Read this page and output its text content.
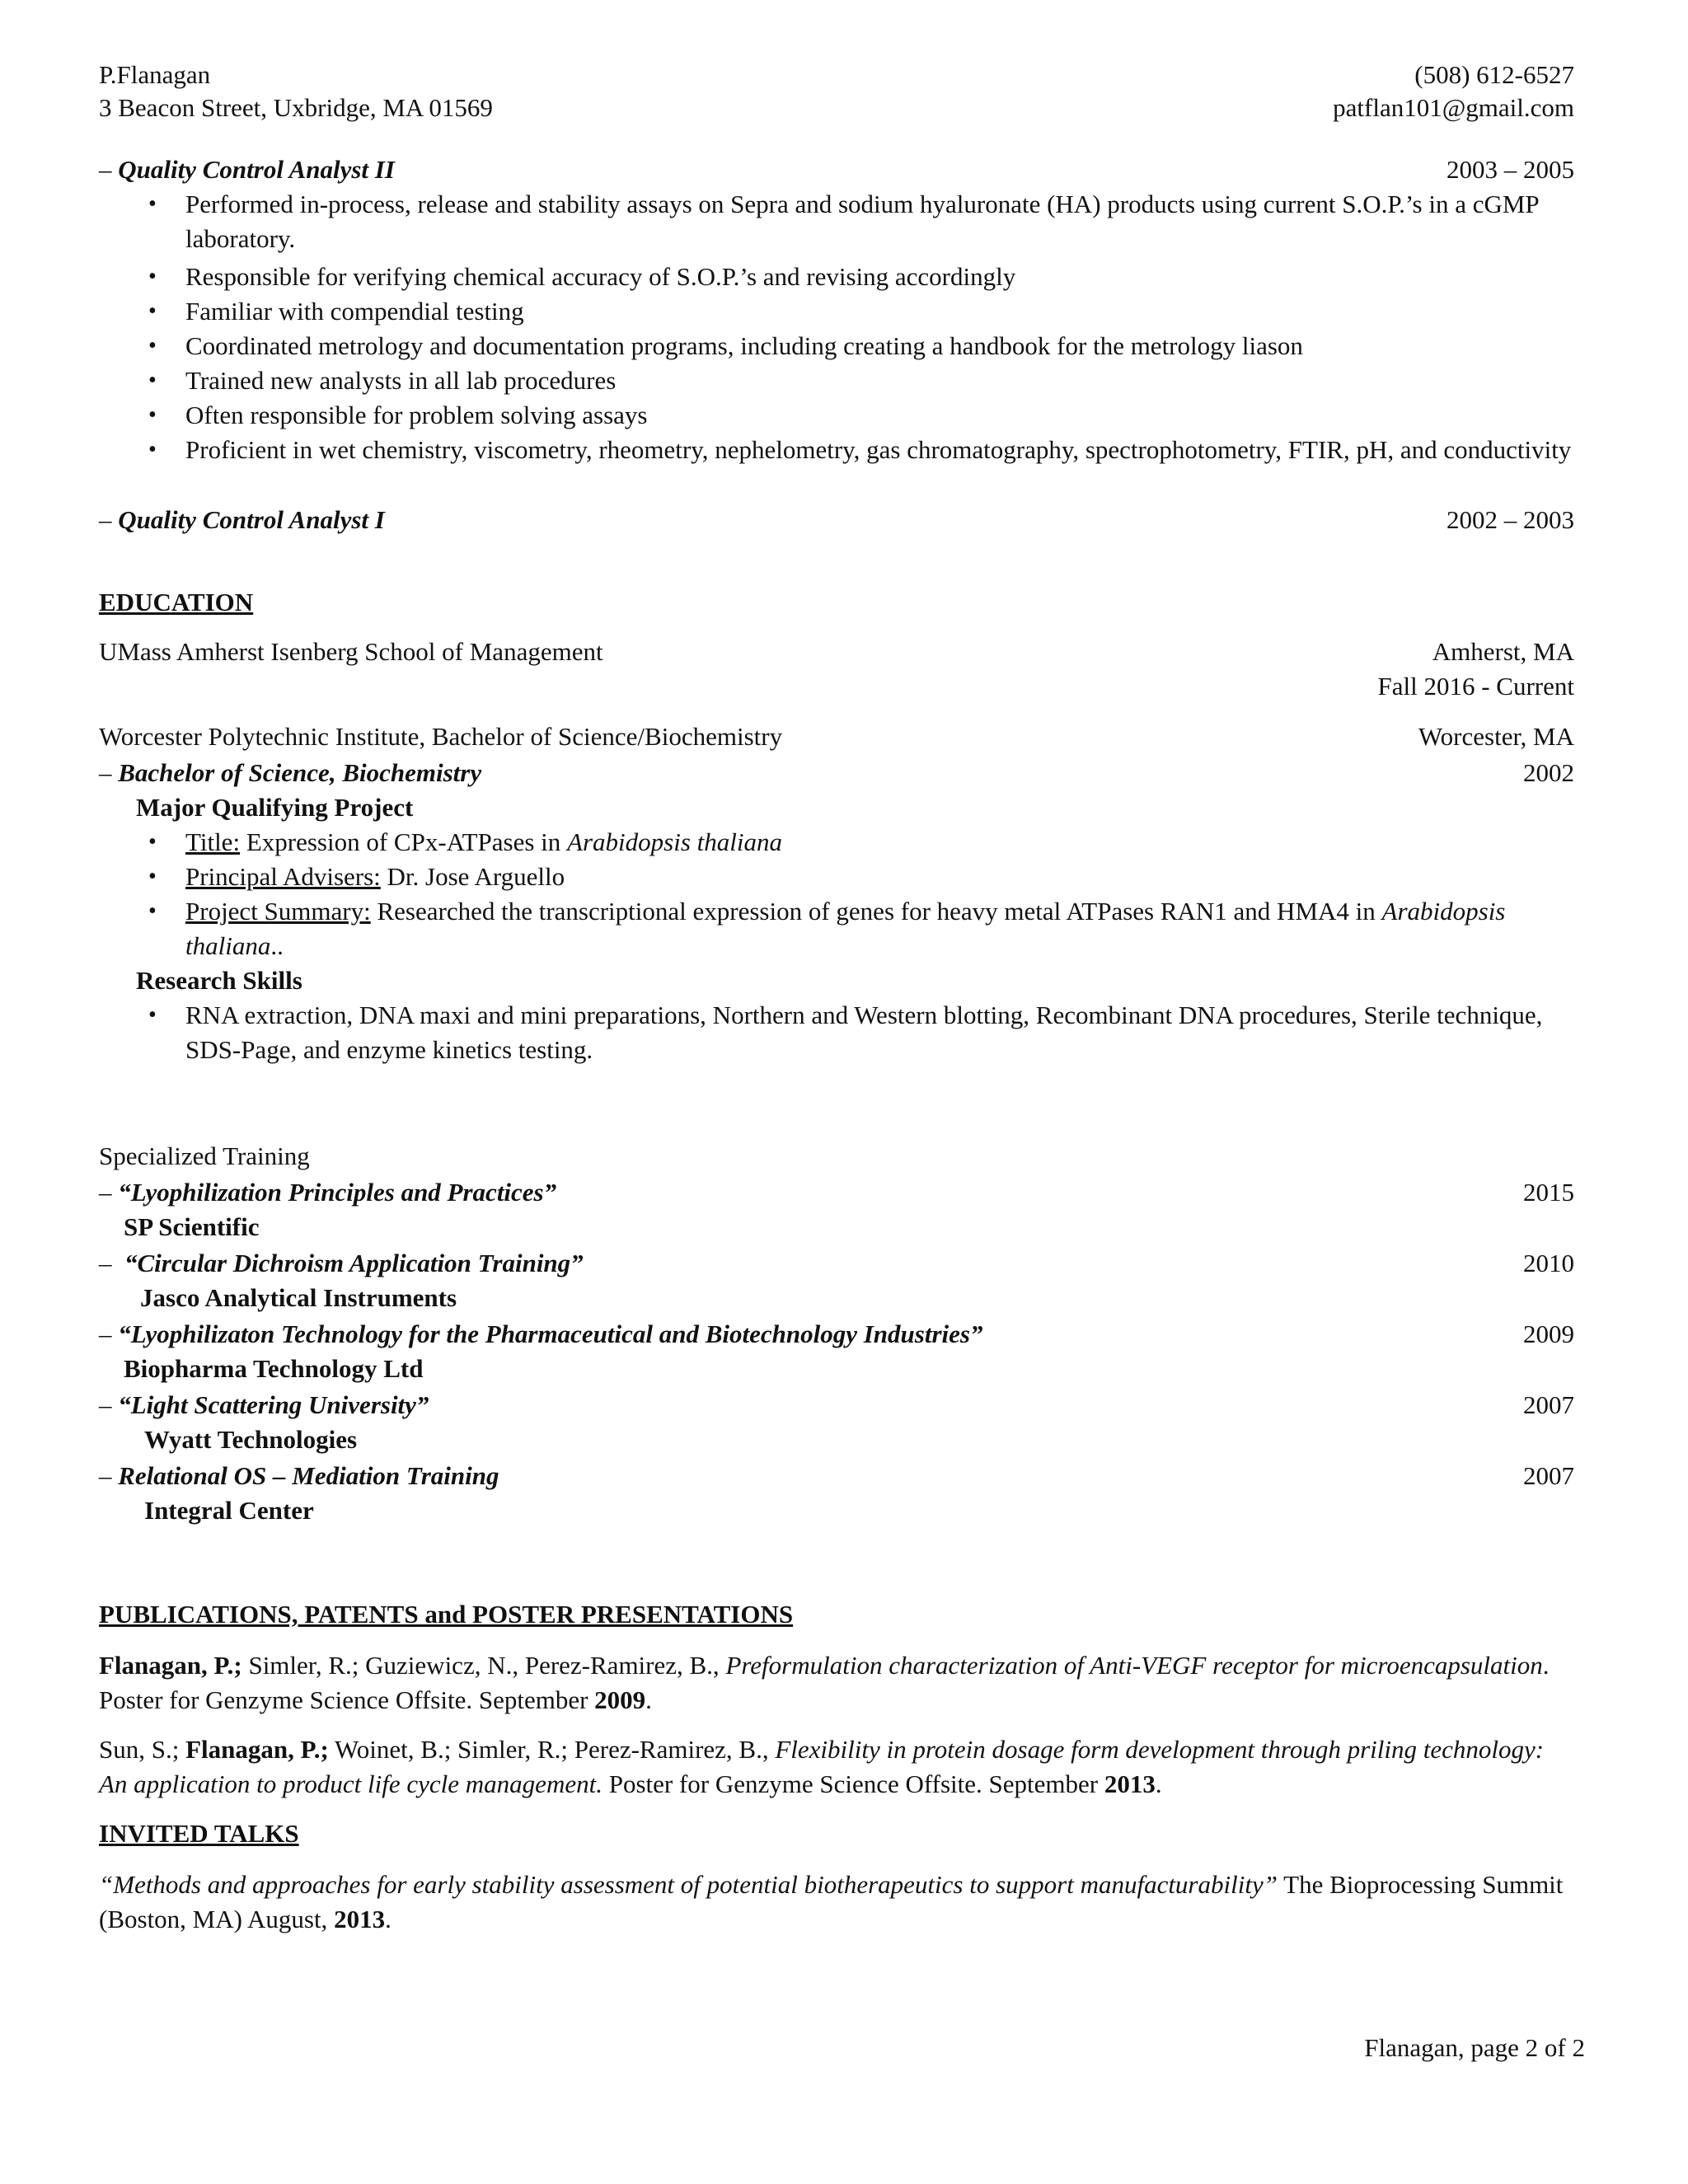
P.Flanagan	(508) 612-6527
3 Beacon Street, Uxbridge, MA 01569	patflan101@gmail.com
– Quality Control Analyst II	2003 – 2005
• Performed in-process, release and stability assays on Sepra and sodium hyaluronate (HA) products using current S.O.P.’s in a cGMP laboratory.
• Responsible for verifying chemical accuracy of S.O.P.’s and revising accordingly
• Familiar with compendial testing
• Coordinated metrology and documentation programs, including creating a handbook for the metrology liason
• Trained new analysts in all lab procedures
• Often responsible for problem solving assays
• Proficient in wet chemistry, viscometry, rheometry, nephelometry, gas chromatography, spectrophotometry, FTIR, pH, and conductivity
– Quality Control Analyst I	2002 – 2003
EDUCATION
UMass Amherst Isenberg School of Management	Amherst, MA
Fall 2016 - Current
Worcester Polytechnic Institute, Bachelor of Science/Biochemistry	Worcester, MA
– Bachelor of Science, Biochemistry	2002
Major Qualifying Project
• Title: Expression of CPx-ATPases in Arabidopsis thaliana
• Principal Advisers: Dr. Jose Arguello
• Project Summary: Researched the transcriptional expression of genes for heavy metal ATPases RAN1 and HMA4 in Arabidopsis thaliana..
Research Skills
• RNA extraction, DNA maxi and mini preparations, Northern and Western blotting, Recombinant DNA procedures, Sterile technique, SDS-Page, and enzyme kinetics testing.
Specialized Training
– “Lyophilization Principles and Practices”	2015
SP Scientific
– “Circular Dichroism Application Training”	2010
Jasco Analytical Instruments
– “Lyophilizaton Technology for the Pharmaceutical and Biotechnology Industries”	2009
Biopharma Technology Ltd
– “Light Scattering University”	2007
Wyatt Technologies
– Relational OS – Mediation Training	2007
Integral Center
PUBLICATIONS, PATENTS and POSTER PRESENTATIONS

Flanagan, P.; Simler, R.; Guziewicz, N., Perez-Ramirez, B., Preformulation characterization of Anti-VEGF receptor for microencapsulation. Poster for Genzyme Science Offsite. September 2009.

Sun, S.; Flanagan, P.; Woinet, B.; Simler, R.; Perez-Ramirez, B., Flexibility in protein dosage form development through priling technology: An application to product life cycle management. Poster for Genzyme Science Offsite. September 2013.

INVITED TALKS

“Methods and approaches for early stability assessment of potential biotherapeutics to support manufacturability” The Bioprocessing Summit (Boston, MA) August, 2013.

Flanagan, page 2 of 2
